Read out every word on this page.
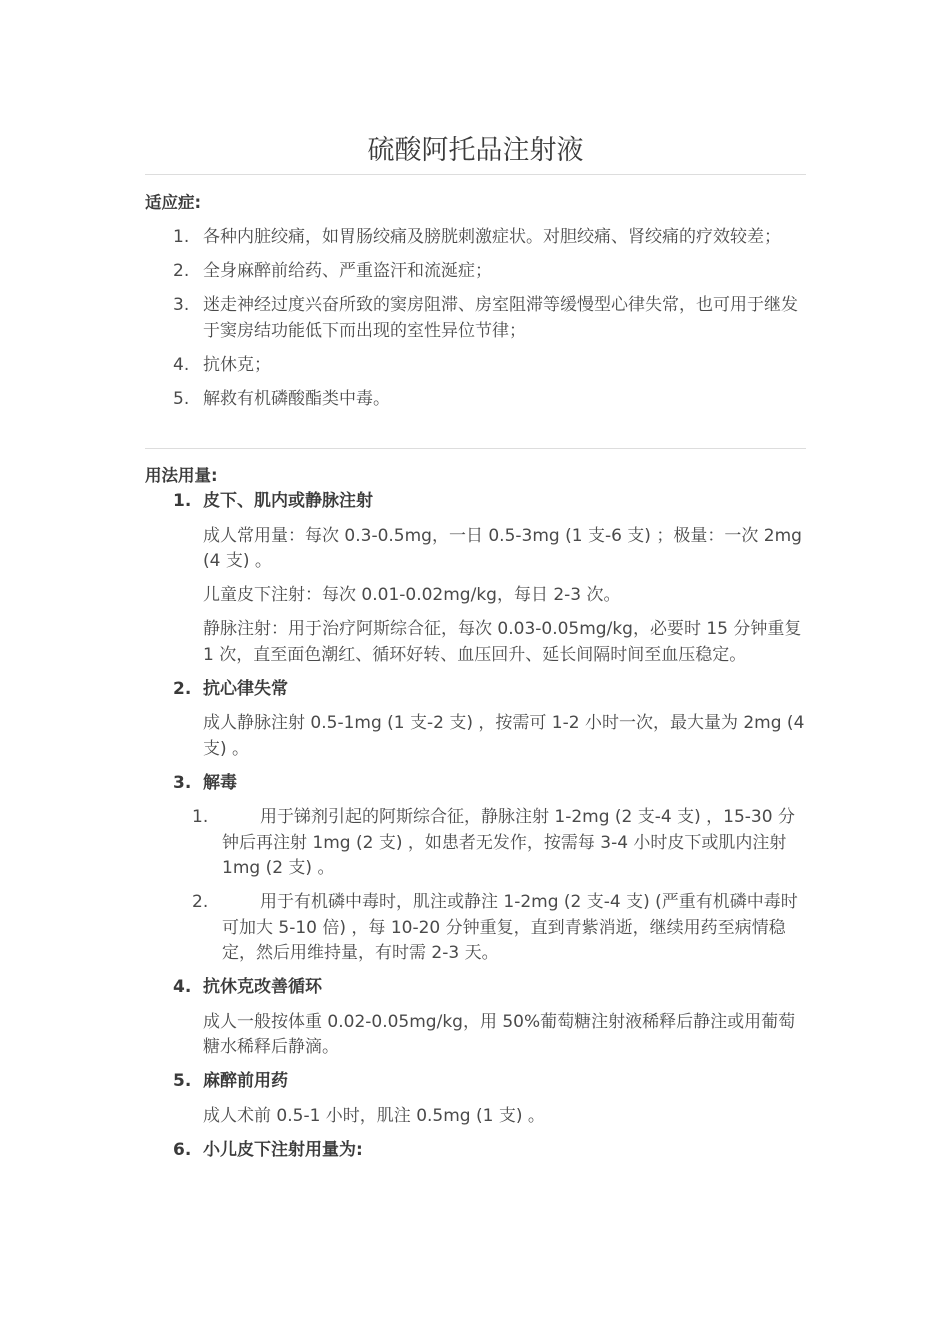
硫酸阿托品注射液
适应症:
1. 各种内脏绞痛，如胃肠绞痛及膀胱刺激症状。对胆绞痛、肾绞痛的疗效较差；
2. 全身麻醉前给药、严重盗汗和流涎症；
3. 迷走神经过度兴奋所致的窦房阻滞、房室阻滞等缓慢型心律失常，也可用于继发于窦房结功能低下而出现的室性异位节律；
4. 抗休克；
5. 解救有机磷酸酯类中毒。
用法用量:
1. 皮下、肌内或静脉注射
成人常用量：每次 0.3-0.5mg，一日 0.5-3mg (1 支-6 支) ；极量：一次 2mg (4 支) 。
儿童皮下注射：每次 0.01-0.02mg/kg，每日 2-3 次。
静脉注射：用于治疗阿斯综合征，每次 0.03-0.05mg/kg，必要时 15 分钟重复 1 次，直至面色潮红、循环好转、血压回升、延长间隔时间至血压稳定。
2. 抗心律失常
成人静脉注射 0.5-1mg (1 支-2 支) ，按需可 1-2 小时一次，最大量为 2mg (4 支) 。
3. 解毒
1.	用于锑剂引起的阿斯综合征，静脉注射 1-2mg (2 支-4 支) ，15-30 分钟后再注射 1mg (2 支) ，如患者无发作，按需每 3-4 小时皮下或肌内注射 1mg (2 支) 。
2.	用于有机磷中毒时，肌注或静注 1-2mg (2 支-4 支) (严重有机磷中毒时可加大 5-10 倍) ，每 10-20 分钟重复，直到青紫消逝，继续用药至病情稳定，然后用维持量，有时需 2-3 天。
4. 抗休克改善循环
成人一般按体重 0.02-0.05mg/kg，用 50%葡萄糖注射液稀释后静注或用葡萄糖水稀释后静滴。
5. 麻醉前用药
成人术前 0.5-1 小时，肌注 0.5mg (1 支) 。
6. 小儿皮下注射用量为:
